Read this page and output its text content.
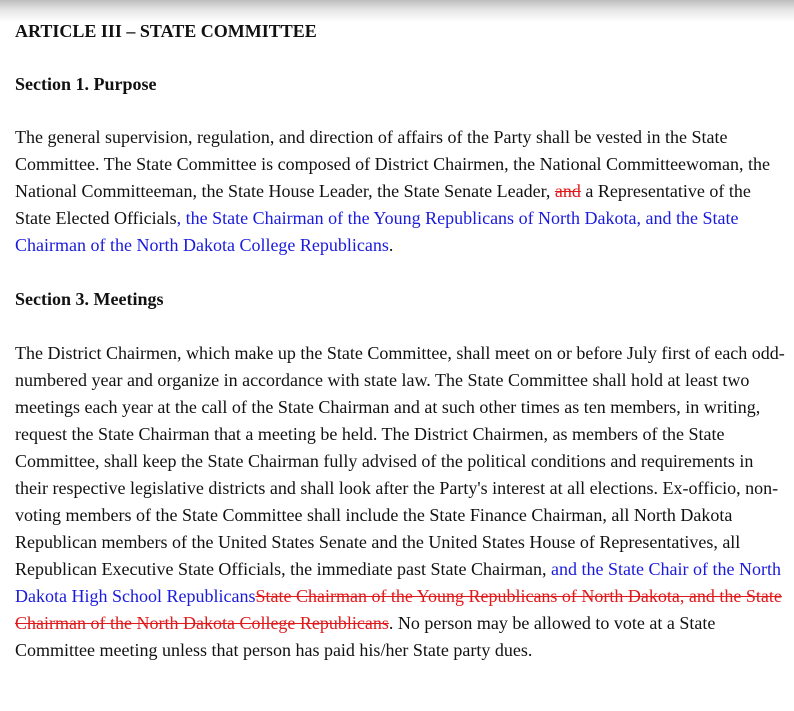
ARTICLE III – STATE COMMITTEE
Section 1. Purpose

The general supervision, regulation, and direction of affairs of the Party shall be vested in the State Committee. The State Committee is composed of District Chairmen, the National Committeewoman, the National Committeeman, the State House Leader, the State Senate Leader, and a Representative of the State Elected Officials, the State Chairman of the Young Republicans of North Dakota, and the State Chairman of the North Dakota College Republicans.

Section 3. Meetings

The District Chairmen, which make up the State Committee, shall meet on or before July first of each odd-numbered year and organize in accordance with state law. The State Committee shall hold at least two meetings each year at the call of the State Chairman and at such other times as ten members, in writing, request the State Chairman that a meeting be held. The District Chairmen, as members of the State Committee, shall keep the State Chairman fully advised of the political conditions and requirements in their respective legislative districts and shall look after the Party's interest at all elections. Ex-officio, non-voting members of the State Committee shall include the State Finance Chairman, all North Dakota Republican members of the United States Senate and the United States House of Representatives, all Republican Executive State Officials, the immediate past State Chairman, and the State Chair of the North Dakota High School RepublicansState Chairman of the Young Republicans of North Dakota, and the State Chairman of the North Dakota College Republicans. No person may be allowed to vote at a State Committee meeting unless that person has paid his/her State party dues.
